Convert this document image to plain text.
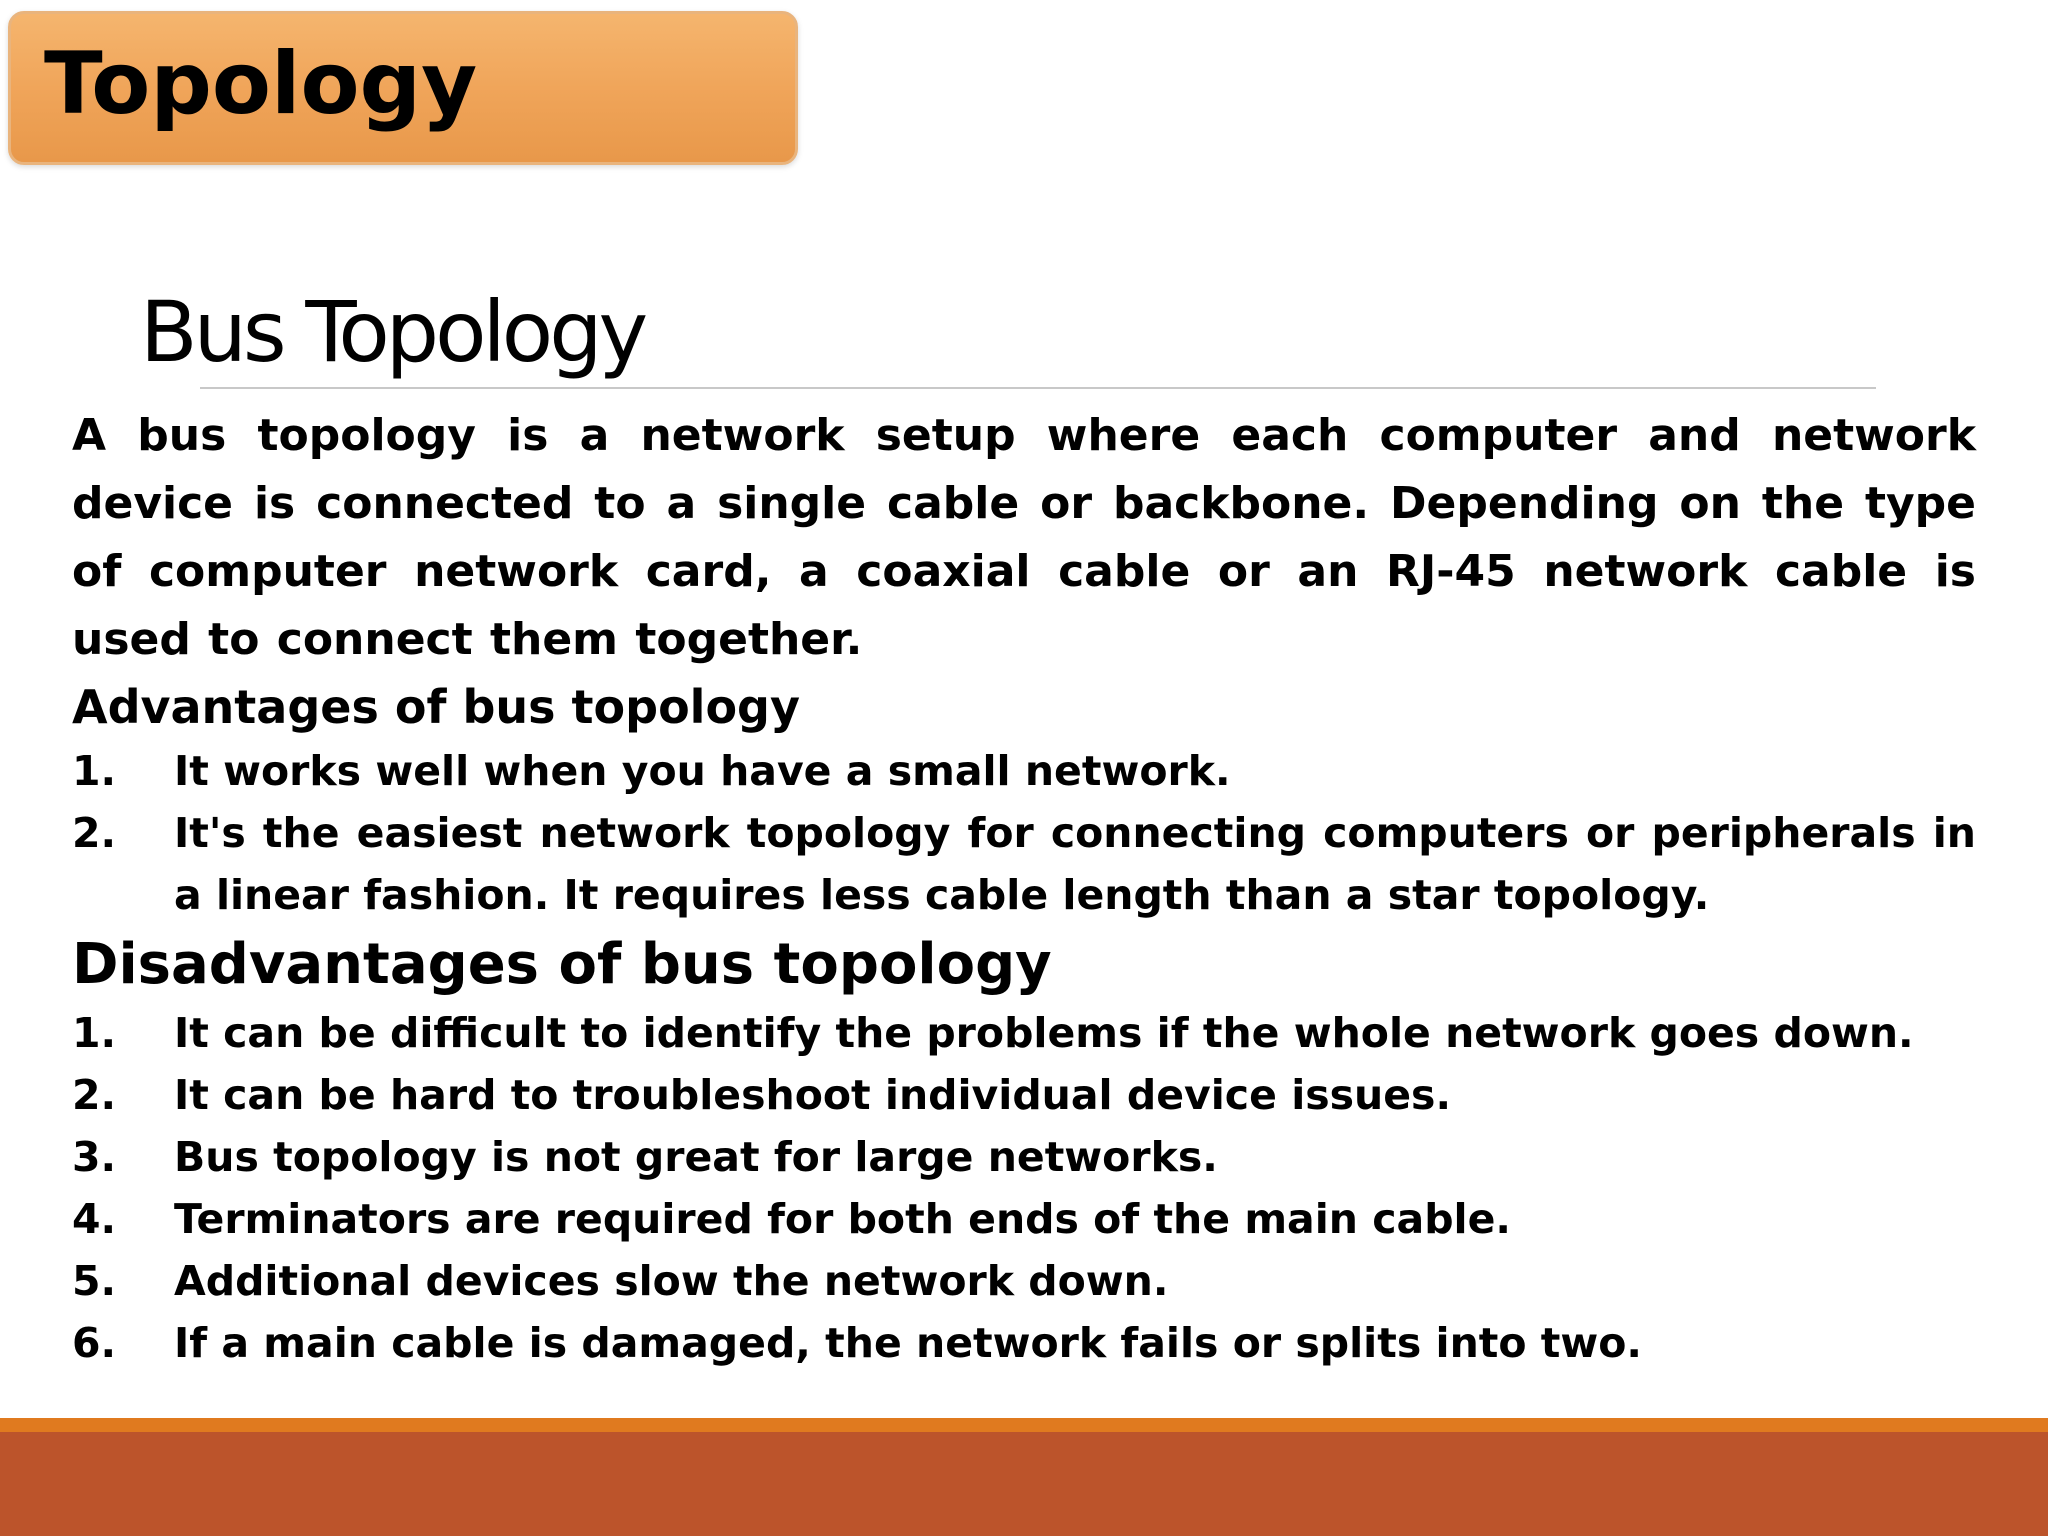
Topology
Bus Topology

A bus topology is a network setup where each computer and network device is connected to a single cable or backbone. Depending on the type of computer network card, a coaxial cable or an RJ-45 network cable is used to connect them together.

Advantages of bus topology
1.	It works well when you have a small network.
2.	It's the easiest network topology for connecting computers or peripherals in a linear fashion. It requires less cable length than a star topology.
Disadvantages of bus topology
1.	It can be difficult to identify the problems if the whole network goes down.
2.	It can be hard to troubleshoot individual device issues.
3.	Bus topology is not great for large networks.
4.	Terminators are required for both ends of the main cable.
5.	Additional devices slow the network down.
6.	If a main cable is damaged, the network fails or splits into two.
